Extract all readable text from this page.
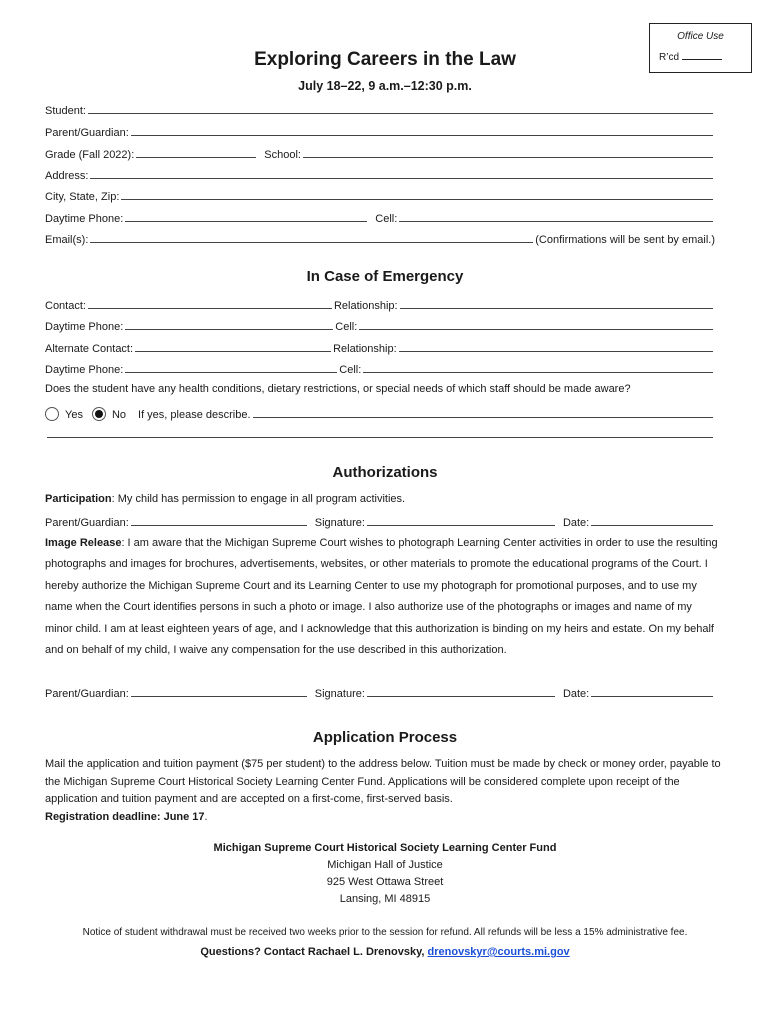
Office Use
R’cd
Exploring Careers in the Law
July 18–22, 9 a.m.–12:30 p.m.
Student:
Parent/Guardian:
Grade (Fall 2022):	School:
Address:
City, State, Zip:
Daytime Phone:	Cell:
Email(s):	(Confirmations will be sent by email.)
In Case of Emergency
Contact:	Relationship:
Daytime Phone:	Cell:
Alternate Contact:	Relationship:
Daytime Phone:	Cell:
Does the student have any health conditions, dietary restrictions, or special needs of which staff should be made aware?
Yes	No If yes, please describe.
Authorizations
Participation: My child has permission to engage in all program activities.
Parent/Guardian:	Signature:	Date:
Image Release: I am aware that the Michigan Supreme Court wishes to photograph Learning Center activities in order to use the resulting photographs and images for brochures, advertisements, websites, or other materials to promote the educational programs of the Court. I hereby authorize the Michigan Supreme Court and its Learning Center to use my photograph for promotional purposes, and to use my name when the Court identifies persons in such a photo or image. I also authorize use of the photographs or images and name of my minor child. I am at least eighteen years of age, and I acknowledge that this authorization is binding on my heirs and estate. On my behalf and on behalf of my child, I waive any compensation for the use described in this authorization.
Parent/Guardian:	Signature:	Date:
Application Process
Mail the application and tuition payment ($75 per student) to the address below. Tuition must be made by check or money order, payable to the Michigan Supreme Court Historical Society Learning Center Fund. Applications will be considered complete upon receipt of the application and tuition payment and are accepted on a first-come, first-served basis.
Registration deadline: June 17.
Michigan Supreme Court Historical Society Learning Center Fund
Michigan Hall of Justice
925 West Ottawa Street
Lansing, MI 48915
Notice of student withdrawal must be received two weeks prior to the session for refund. All refunds will be less a 15% administrative fee.
Questions? Contact Rachael L. Drenovsky, drenovskyr@courts.mi.gov
